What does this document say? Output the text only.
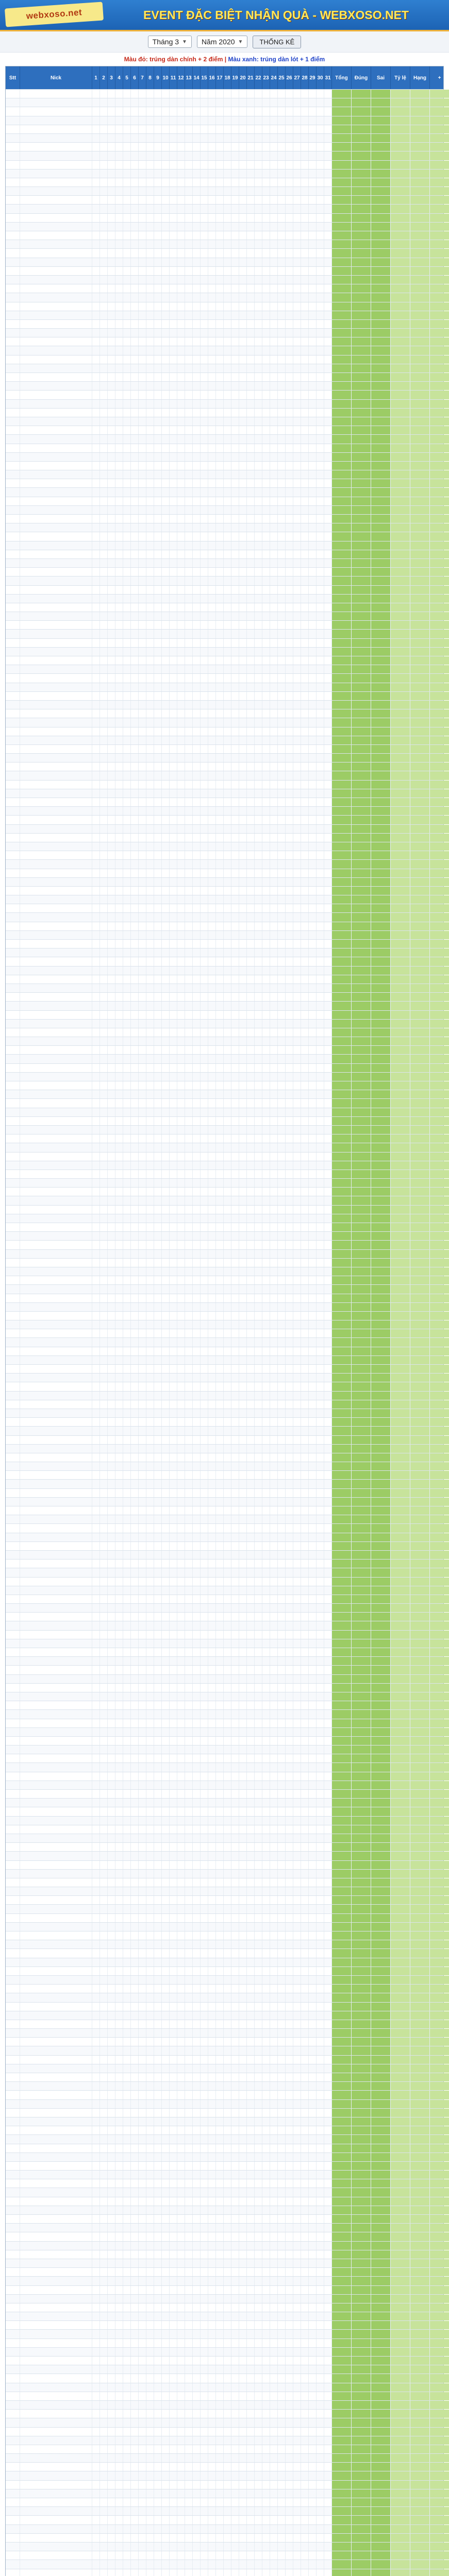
webxoso.net	EVENT ĐẶC BIỆT NHẬN QUÀ - WEBXOSO.NET
Tháng 3 ▼ Năm 2020 ▼	THỐNG KÊ
Màu đỏ: trúng dàn chính + 2 điểm | Màu xanh: trúng dàn lót + 1 điểm
Stt	Nick	1 2 3 4 5 6 7 8 9 10 11 12 13 14 15 16 17 18 19 20 21 22 23 24 25 26 27 28 29 30 31 Tổng	Đúng	Sai	Tỷ lệ	Hạng	+
